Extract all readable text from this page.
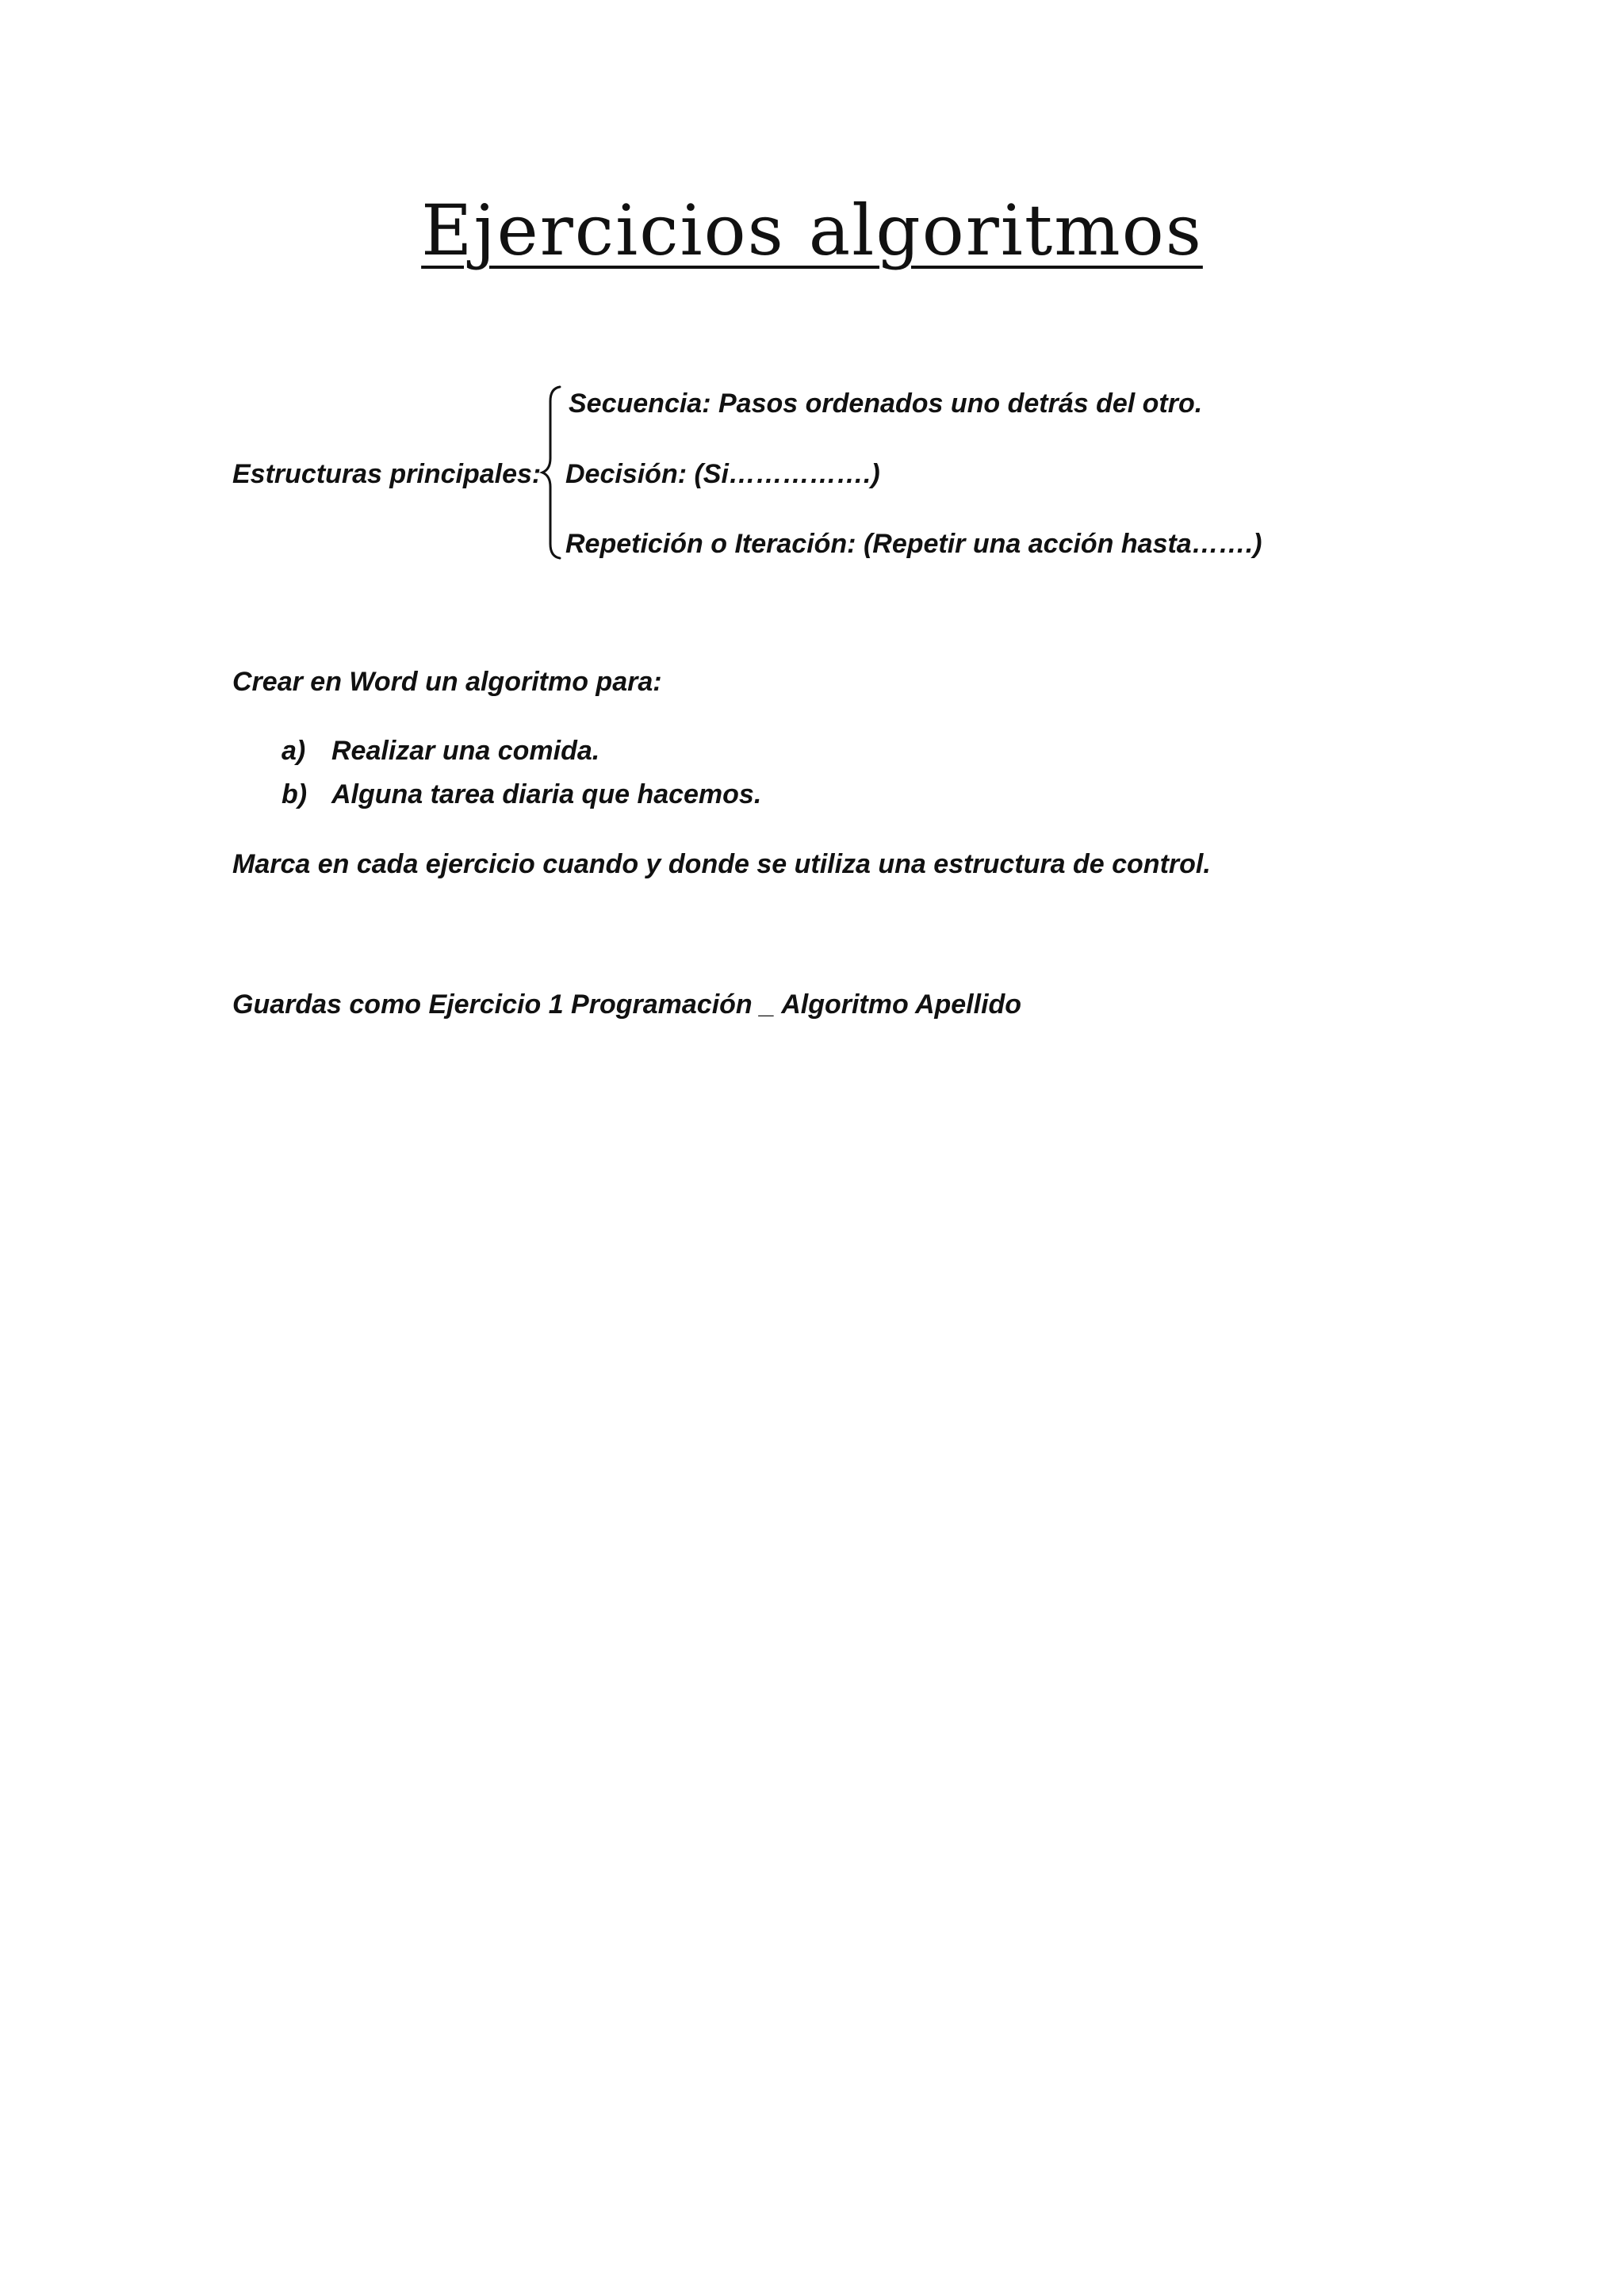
Ejercicios algoritmos
Estructuras principales:
Secuencia: Pasos ordenados uno detrás del otro.
Decisión: (Si…………….)
Repetición o Iteración: (Repetir una acción hasta…….)
Crear en Word un algoritmo para:
a) Realizar una comida.
b) Alguna tarea diaria que hacemos.
Marca en cada ejercicio cuando y donde se utiliza una estructura de control.
Guardas como Ejercicio 1 Programación _ Algoritmo Apellido
